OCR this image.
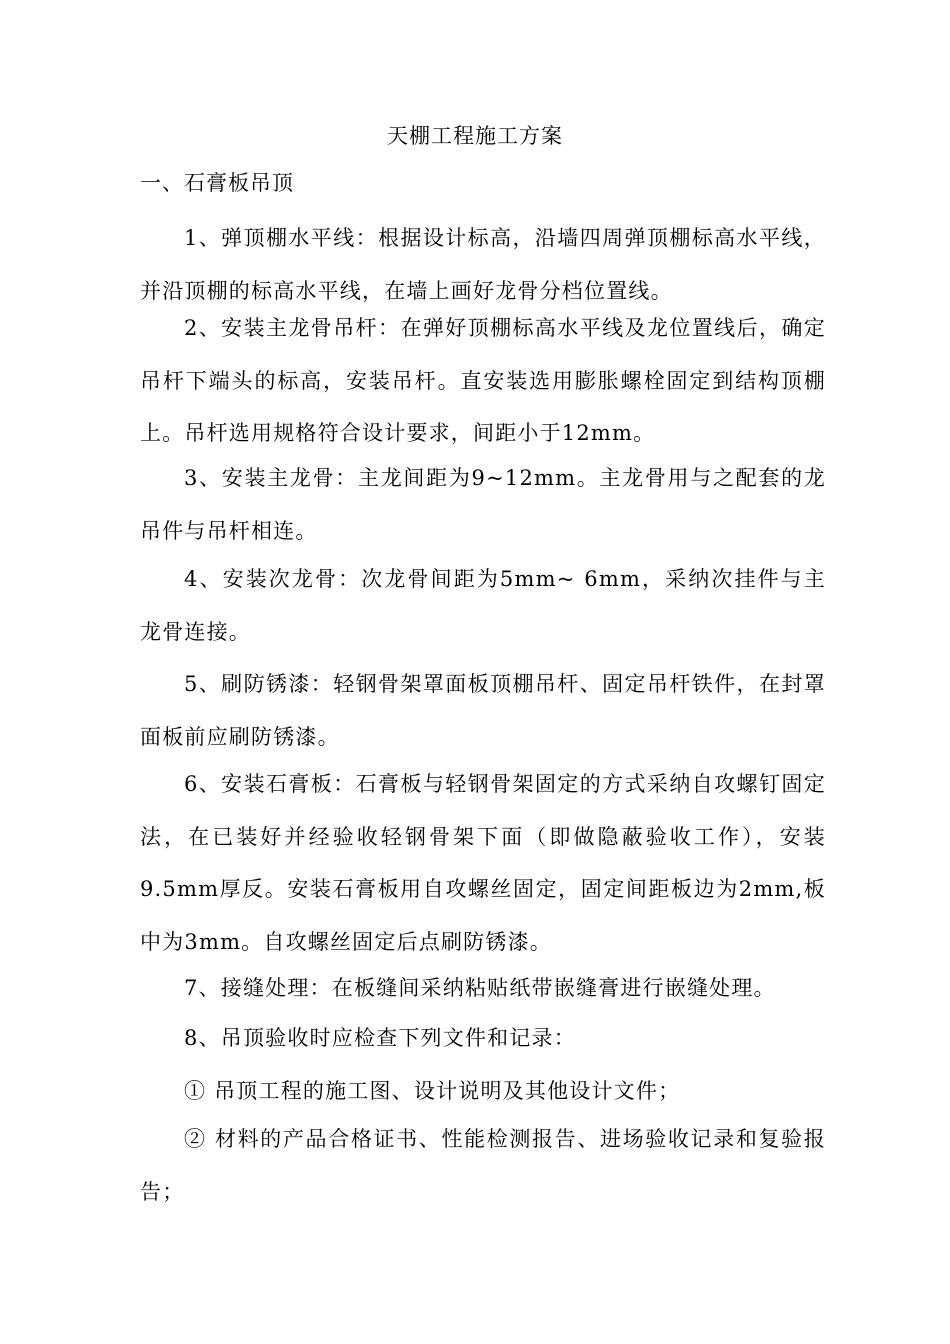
天棚工程施工方案
一、石膏板吊顶

1、弹顶棚水平线：根据设计标高，沿墙四周弹顶棚标高水平线，并沿顶棚的标高水平线，在墙上画好龙骨分档位置线。

2、安装主龙骨吊杆：在弹好顶棚标高水平线及龙位置线后，确定吊杆下端头的标高，安装吊杆。直安装选用膨胀螺栓固定到结构顶棚上。吊杆选用规格符合设计要求，间距小于12mm。

3、安装主龙骨：主龙间距为9~12mm。主龙骨用与之配套的龙吊件与吊杆相连。

4、安装次龙骨：次龙骨间距为5mm~ 6mm，采纳次挂件与主龙骨连接。

5、刷防锈漆：轻钢骨架罩面板顶棚吊杆、固定吊杆铁件，在封罩面板前应刷防锈漆。

6、安装石膏板：石膏板与轻钢骨架固定的方式采纳自攻螺钉固定法，在已装好并经验收轻钢骨架下面（即做隐蔽验收工作），安装9.5mm厚反。安装石膏板用自攻螺丝固定，固定间距板边为2mm,板中为3mm。自攻螺丝固定后点刷防锈漆。

7、接缝处理：在板缝间采纳粘贴纸带嵌缝膏进行嵌缝处理。

8、吊顶验收时应检查下列文件和记录：

① 吊顶工程的施工图、设计说明及其他设计文件；

② 材料的产品合格证书、性能检测报告、进场验收记录和复验报告；
